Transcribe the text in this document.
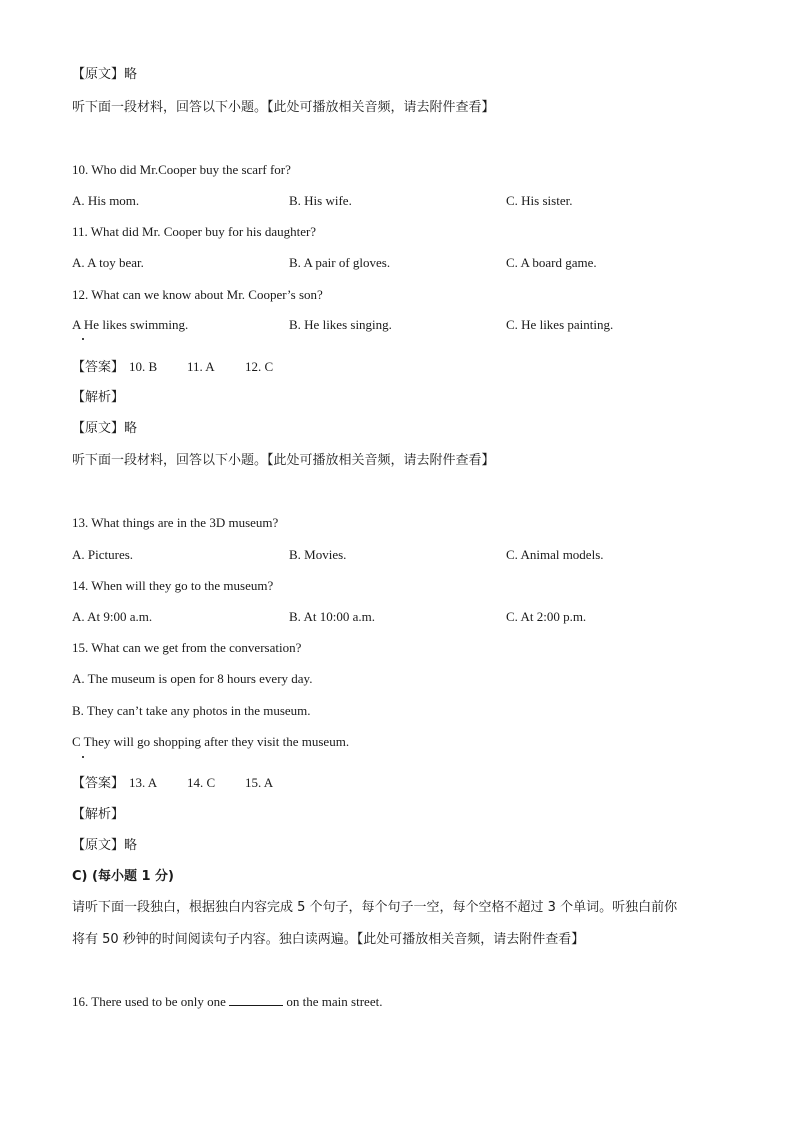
【原文】略
听下面一段材料，回答以下小题。【此处可播放相关音频，请去附件查看】
10. Who did Mr.Cooper buy the scarf for?
A. His mom.	B. His wife.	C. His sister.
11. What did Mr. Cooper buy for his daughter?
A. A toy bear.	B. A pair of gloves.	C. A board game.
12. What can we know about Mr. Cooper’s son?
A He likes swimming.	B. He likes singing.	C. He likes painting.
【答案】 10. B 11. A 12. C
【解析】
【原文】略
听下面一段材料，回答以下小题。【此处可播放相关音频，请去附件查看】
13. What things are in the 3D museum?
A. Pictures.	B. Movies.	C. Animal models.
14. When will they go to the museum?
A. At 9:00 a.m.	B. At 10:00 a.m.	C. At 2:00 p.m.
15. What can we get from the conversation?
A. The museum is open for 8 hours every day.
B. They can’t take any photos in the museum.
C They will go shopping after they visit the museum.
【答案】 13. A 14. C 15. A
【解析】
【原文】略
C) (每小题 1 分)
请听下面一段独白，根据独白内容完成 5 个句子，每个句子一空，每个空格不超过 3 个单词。听独白前你
将有 50 秒钟的时间阅读句子内容。独白读两遍。【此处可播放相关音频，请去附件查看】
16. There used to be only one	on the main street.
